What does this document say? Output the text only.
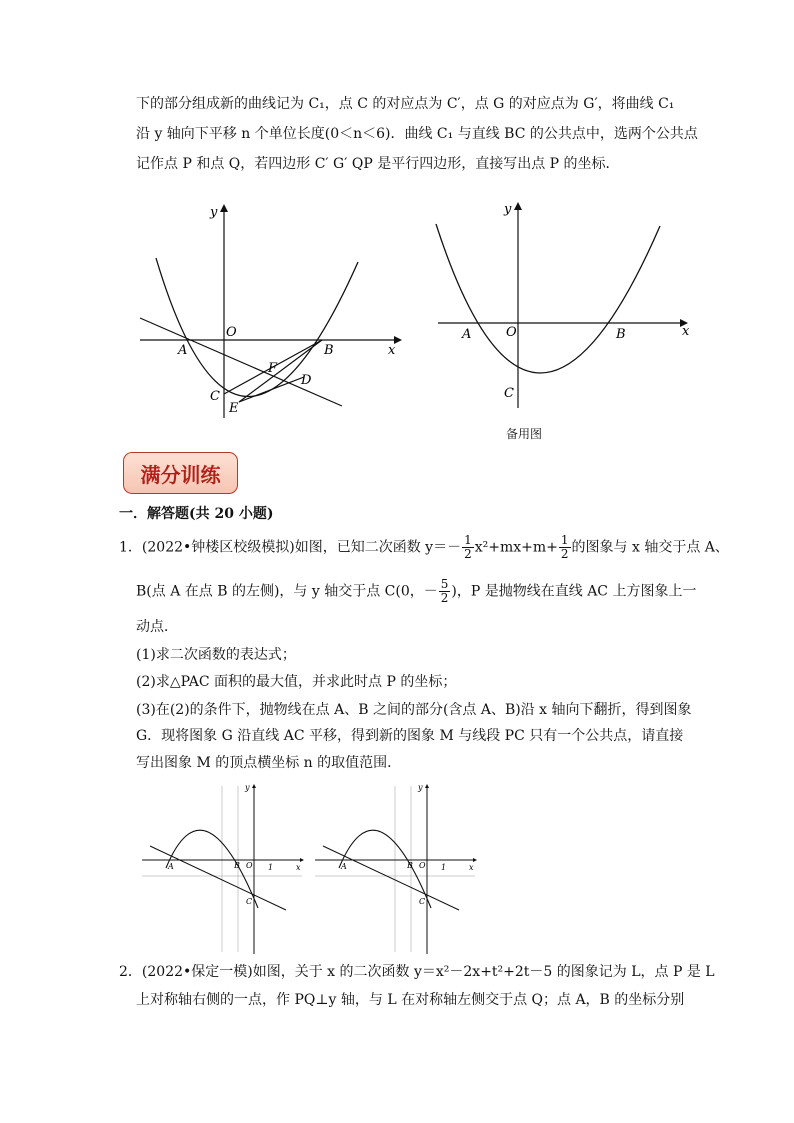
下的部分组成新的曲线记为 C₁，点 C 的对应点为 C′，点 G 的对应点为 G′，将曲线 C₁
沿 y 轴向下平移 n 个单位长度(0＜n＜6)．曲线 C₁ 与直线 BC 的公共点中，选两个公共点
记作点 P 和点 Q，若四边形 C′ G′ QP 是平行四边形，直接写出点 P 的坐标．
y
x
O
A	B
C
D
E
F
y
x
O
A	B
C
备用图
满分训练
一．解答题(共 20 小题)
1．(2022•钟楼区校级模拟)如图，已知二次函数 $y=- \frac{1}{2} x^2+mx+m+ \frac{1}{2}$ 的图象与 x 轴交于点 A、
B(点 A 在点 B 的左侧)，与 y 轴交于点 C(0，－ $\frac{5}{2}$ )，P 是抛物线在直线 AC 上方图象上一
动点．
(1)求二次函数的表达式；
(2)求△PAC 面积的最大值，并求此时点 P 的坐标；
(3)在(2)的条件下，抛物线在点 A、B 之间的部分(含点 A、B)沿 x 轴向下翻折，得到图象
G．现将图象 G 沿直线 AC 平移，得到新的图象 M 与线段 PC 只有一个公共点，请直接
写出图象 M 的顶点横坐标 n 的取值范围．
y
x
O 1
A	B
C
y
x
O 1
A	B
C
2．(2022•保定一模)如图，关于 x 的二次函数 y＝x²－2x+t²+2t－5 的图象记为 L，点 P 是 L
上对称轴右侧的一点，作 PQ⊥y 轴，与 L 在对称轴左侧交于点 Q；点 A，B 的坐标分别
